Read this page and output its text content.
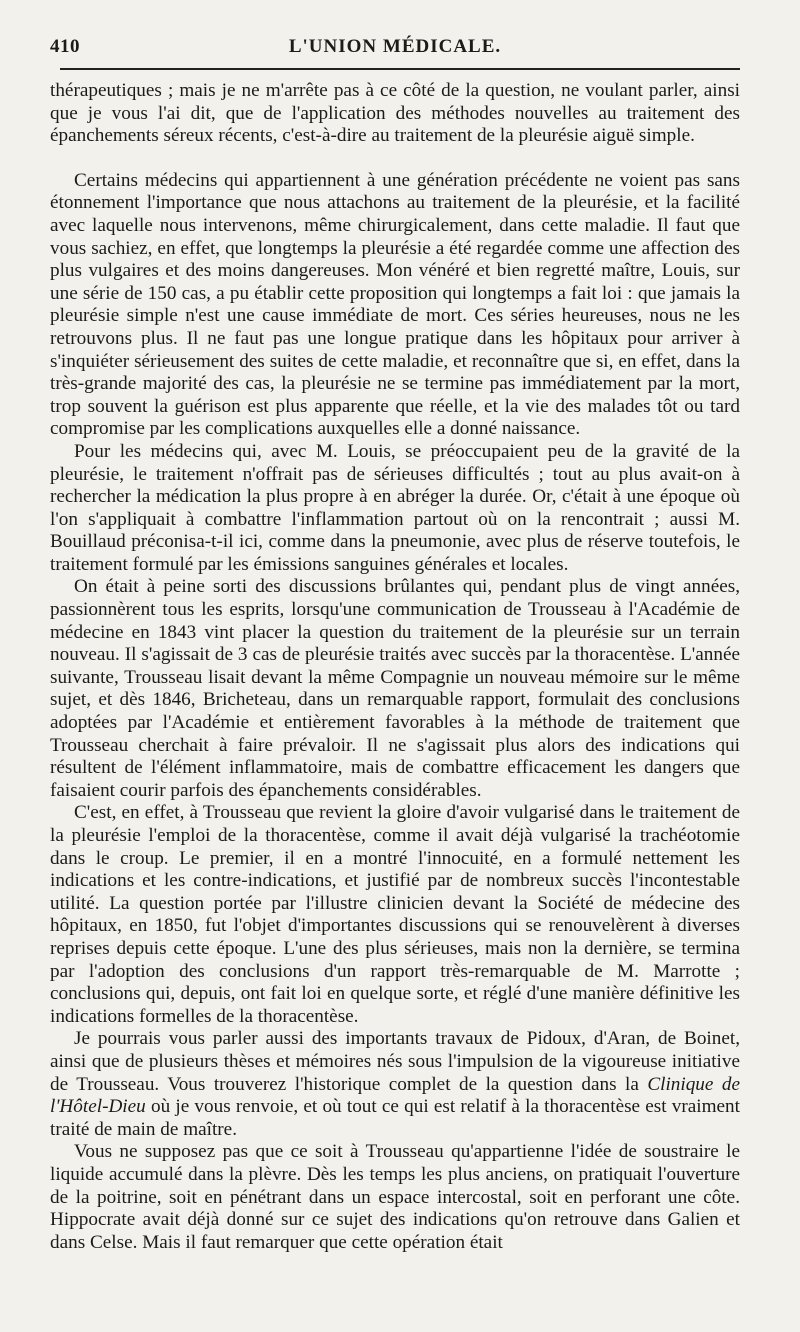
410	L'UNION MÉDICALE.

thérapeutiques ; mais je ne m'arrête pas à ce côté de la question, ne voulant parler, ainsi que je vous l'ai dit, que de l'application des méthodes nouvelles au traitement des épanchements séreux récents, c'est-à-dire au traitement de la pleurésie aiguë simple.

Certains médecins qui appartiennent à une génération précédente ne voient pas sans étonnement l'importance que nous attachons au traitement de la pleurésie, et la facilité avec laquelle nous intervenons, même chirurgicalement, dans cette maladie. Il faut que vous sachiez, en effet, que longtemps la pleurésie a été regardée comme une affection des plus vulgaires et des moins dangereuses. Mon vénéré et bien regretté maître, Louis, sur une série de 150 cas, a pu établir cette proposition qui longtemps a fait loi : que jamais la pleurésie simple n'est une cause immédiate de mort. Ces séries heureuses, nous ne les retrouvons plus. Il ne faut pas une longue pratique dans les hôpitaux pour arriver à s'inquiéter sérieusement des suites de cette maladie, et reconnaître que si, en effet, dans la très-grande majorité des cas, la pleurésie ne se termine pas immédiatement par la mort, trop souvent la guérison est plus apparente que réelle, et la vie des malades tôt ou tard compromise par les complications auxquelles elle a donné naissance.

Pour les médecins qui, avec M. Louis, se préoccupaient peu de la gravité de la pleurésie, le traitement n'offrait pas de sérieuses difficultés ; tout au plus avait-on à rechercher la médication la plus propre à en abréger la durée. Or, c'était à une époque où l'on s'appliquait à combattre l'inflammation partout où on la rencontrait ; aussi M. Bouillaud préconisa-t-il ici, comme dans la pneumonie, avec plus de réserve toutefois, le traitement formulé par les émissions sanguines générales et locales.

On était à peine sorti des discussions brûlantes qui, pendant plus de vingt années, passionnèrent tous les esprits, lorsqu'une communication de Trousseau à l'Académie de médecine en 1843 vint placer la question du traitement de la pleurésie sur un terrain nouveau. Il s'agissait de 3 cas de pleurésie traités avec succès par la thoracentèse. L'année suivante, Trousseau lisait devant la même Compagnie un nouveau mémoire sur le même sujet, et dès 1846, Bricheteau, dans un remarquable rapport, formulait des conclusions adoptées par l'Académie et entièrement favorables à la méthode de traitement que Trousseau cherchait à faire prévaloir. Il ne s'agissait plus alors des indications qui résultent de l'élément inflammatoire, mais de combattre efficacement les dangers que faisaient courir parfois des épanchements considérables.

C'est, en effet, à Trousseau que revient la gloire d'avoir vulgarisé dans le traitement de la pleurésie l'emploi de la thoracentèse, comme il avait déjà vulgarisé la trachéotomie dans le croup. Le premier, il en a montré l'innocuité, en a formulé nettement les indications et les contre-indications, et justifié par de nombreux succès l'incontestable utilité. La question portée par l'illustre clinicien devant la Société de médecine des hôpitaux, en 1850, fut l'objet d'importantes discussions qui se renouvelèrent à diverses reprises depuis cette époque. L'une des plus sérieuses, mais non la dernière, se termina par l'adoption des conclusions d'un rapport très-remarquable de M. Marrotte ; conclusions qui, depuis, ont fait loi en quelque sorte, et réglé d'une manière définitive les indications formelles de la thoracentèse.

Je pourrais vous parler aussi des importants travaux de Pidoux, d'Aran, de Boinet, ainsi que de plusieurs thèses et mémoires nés sous l'impulsion de la vigoureuse initiative de Trousseau. Vous trouverez l'historique complet de la question dans la Clinique de l'Hôtel-Dieu où je vous renvoie, et où tout ce qui est relatif à la thoracentèse est vraiment traité de main de maître.

Vous ne supposez pas que ce soit à Trousseau qu'appartienne l'idée de soustraire le liquide accumulé dans la plèvre. Dès les temps les plus anciens, on pratiquait l'ouverture de la poitrine, soit en pénétrant dans un espace intercostal, soit en perforant une côte. Hippocrate avait déjà donné sur ce sujet des indications qu'on retrouve dans Galien et dans Celse. Mais il faut remarquer que cette opération était
